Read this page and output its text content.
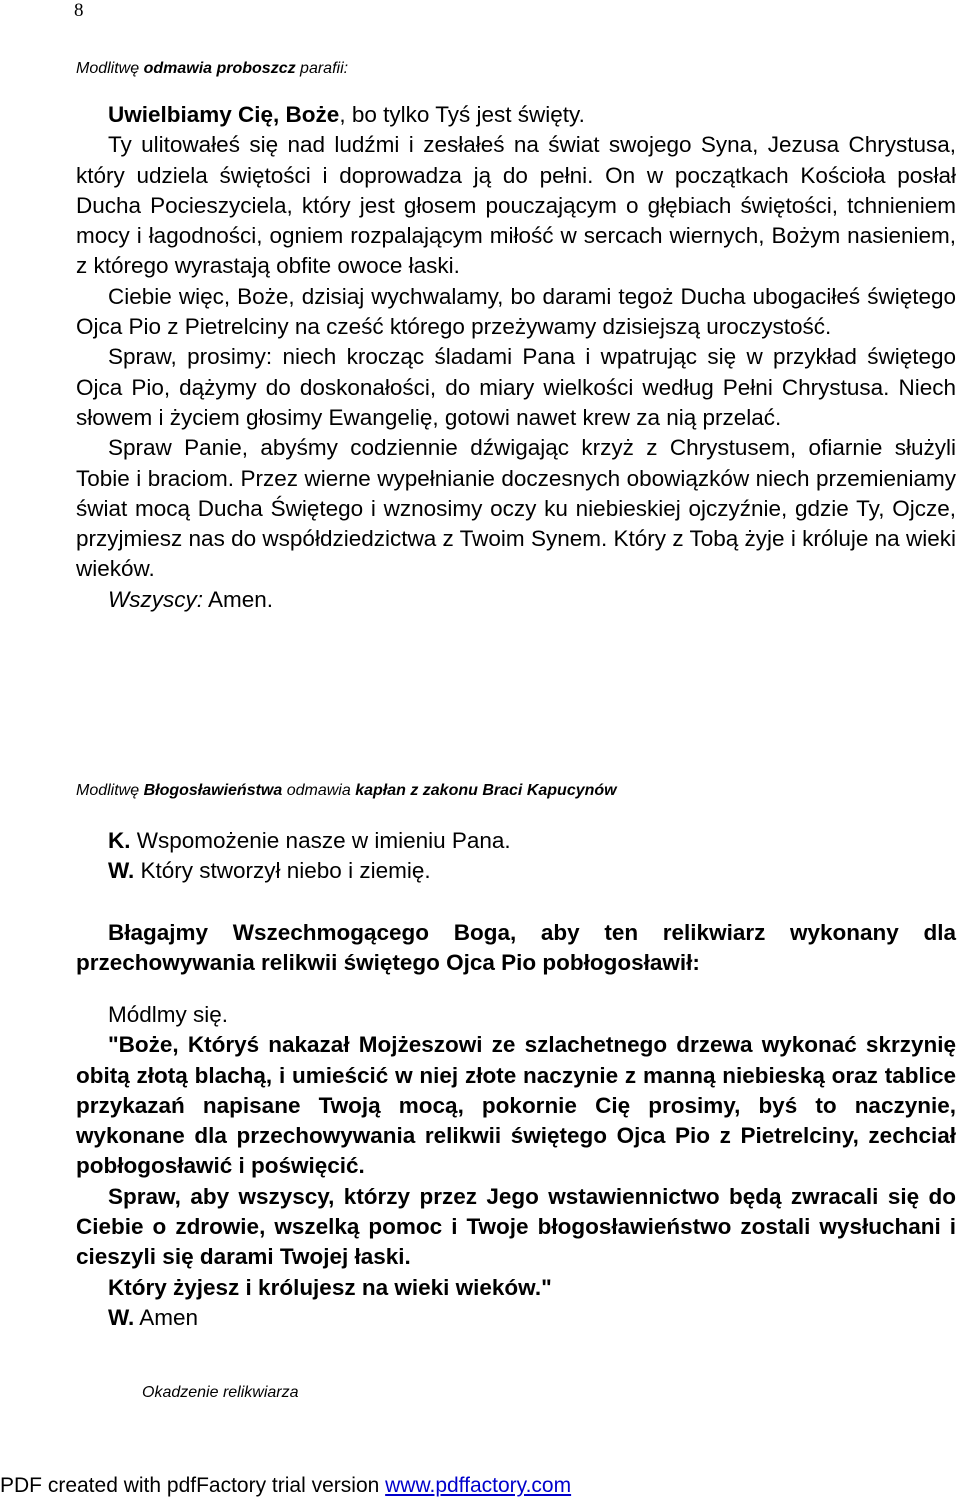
8
Modlitwę odmawia proboszcz parafii:

Uwielbiamy Cię, Boże, bo tylko Tyś jest święty.

Ty ulitowałeś się nad ludźmi i zesłałeś na świat swojego Syna, Jezusa Chrystusa, który udziela świętości i doprowadza ją do pełni. On w początkach Kościoła posłał Ducha Pocieszyciela, który jest głosem pouczającym o głębiach świętości, tchnieniem mocy i łagodności, ogniem rozpalającym miłość w sercach wiernych, Bożym nasieniem, z którego wyrastają obfite owoce łaski.

Ciebie więc, Boże, dzisiaj wychwalamy, bo darami tegoż Ducha ubogaciłeś świętego Ojca Pio z Pietrelciny na cześć którego przeżywamy dzisiejszą uroczystość.

Spraw, prosimy: niech krocząc śladami Pana i wpatrując się w przykład świętego Ojca Pio, dążymy do doskonałości, do miary wielkości według Pełni Chrystusa. Niech słowem i życiem głosimy Ewangelię, gotowi nawet krew za nią przelać.

Spraw Panie, abyśmy codziennie dźwigając krzyż z Chrystusem, ofiarnie służyli Tobie i braciom. Przez wierne wypełnianie doczesnych obowiązków niech przemieniamy świat mocą Ducha Świętego i wznosimy oczy ku niebieskiej ojczyźnie, gdzie Ty, Ojcze, przyjmiesz nas do współdziedzictwa z Twoim Synem. Który z Tobą żyje i króluje na wieki wieków.

Wszyscy: Amen.

Modlitwę Błogosławieństwa odmawia kapłan z zakonu Braci Kapucynów

K. Wspomożenie nasze w imieniu Pana.

W. Który stworzył niebo i ziemię.

Błagajmy Wszechmogącego Boga, aby ten relikwiarz wykonany dla przechowywania relikwii świętego Ojca Pio pobłogosławił:

Módlmy się.

"Boże, Któryś nakazał Mojżeszowi ze szlachetnego drzewa wykonać skrzynię obitą złotą blachą, i umieścić w niej złote naczynie z manną niebieską oraz tablice przykazań napisane Twoją mocą, pokornie Cię prosimy, byś to naczynie, wykonane dla przechowywania relikwii świętego Ojca Pio z Pietrelciny, zechciał pobłogosławić i poświęcić.

Spraw, aby wszyscy, którzy przez Jego wstawiennictwo będą zwracali się do Ciebie o zdrowie, wszelką pomoc i Twoje błogosławieństwo zostali wysłuchani i cieszyli się darami Twojej łaski.

Który żyjesz i królujesz na wieki wieków."

W. Amen

Okadzenie relikwiarza
PDF created with pdfFactory trial version www.pdffactory.com
